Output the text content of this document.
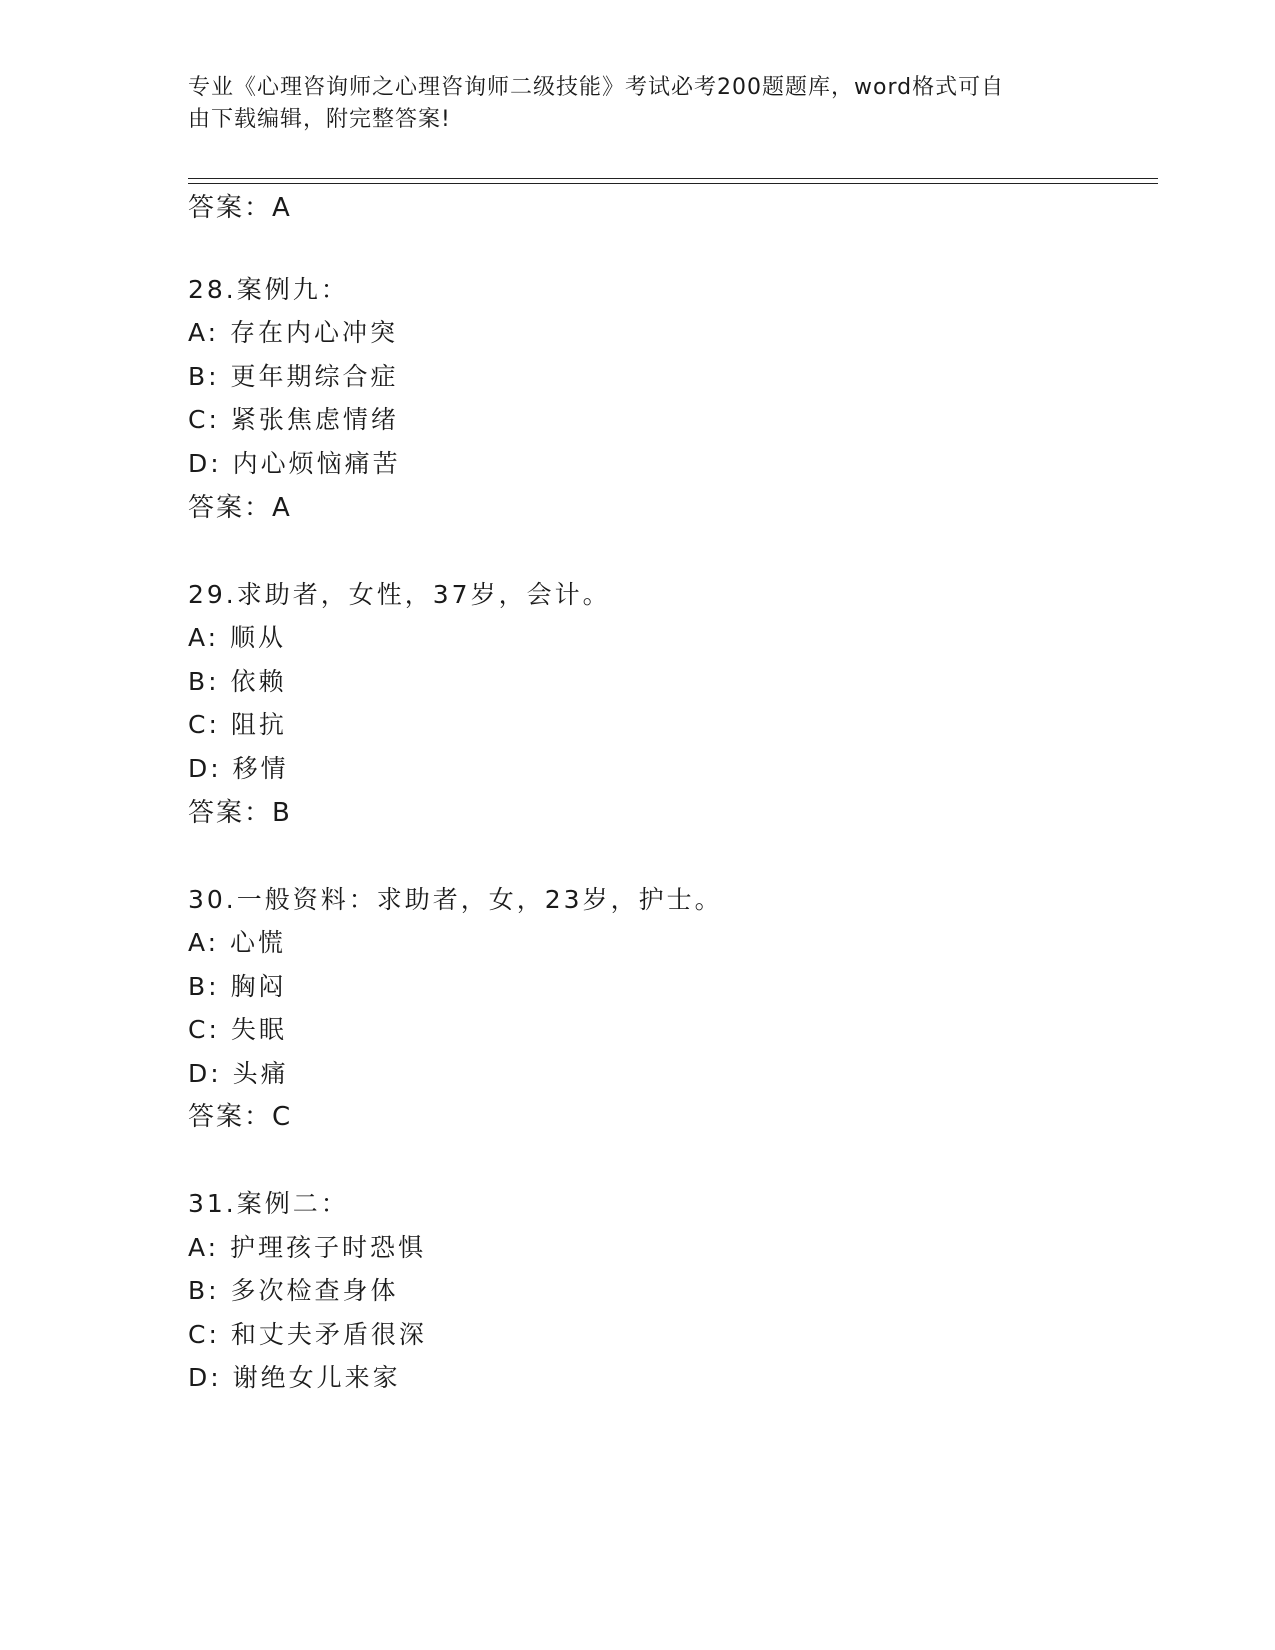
专业《心理咨询师之心理咨询师二级技能》考试必考200题题库，word格式可自
由下载编辑，附完整答案!
答案：A
28.案例九：
A: 存在内心冲突
B: 更年期综合症
C: 紧张焦虑情绪
D: 内心烦恼痛苦
答案：A
29.求助者，女性，37岁，会计。
A: 顺从
B: 依赖
C: 阻抗
D: 移情
答案：B
30.一般资料：求助者，女，23岁，护士。
A: 心慌
B: 胸闷
C: 失眠
D: 头痛
答案：C
31.案例二：
A: 护理孩子时恐惧
B: 多次检查身体
C: 和丈夫矛盾很深
D: 谢绝女儿来家
